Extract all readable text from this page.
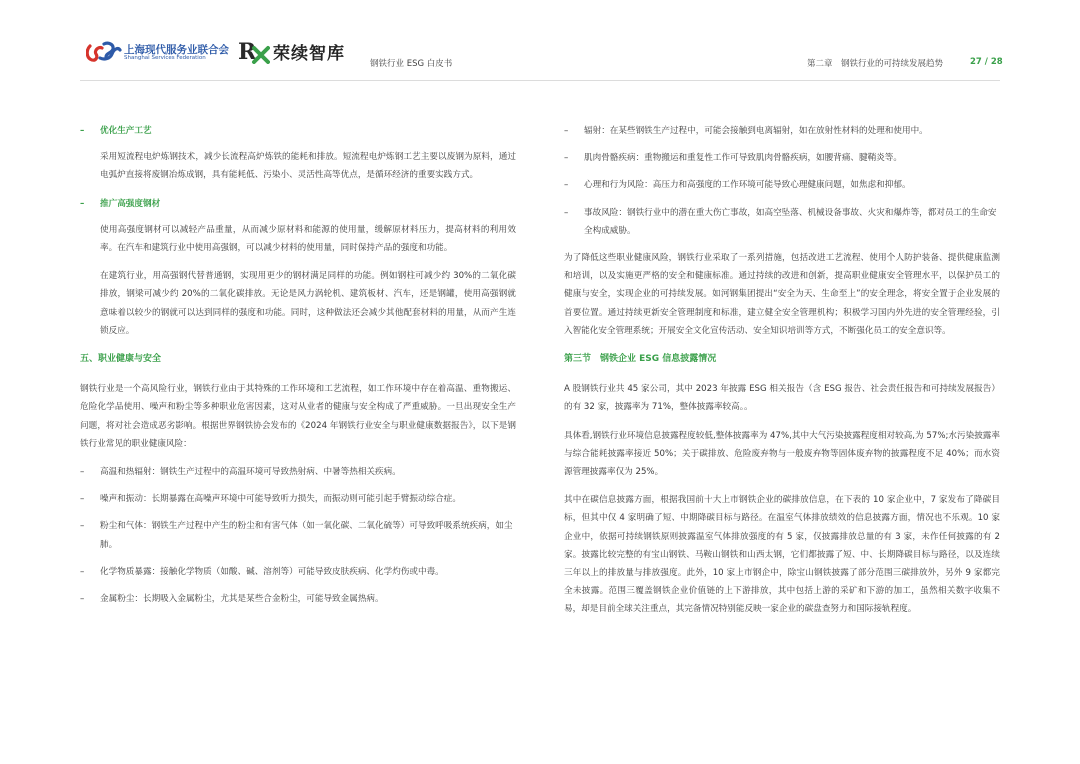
上海现代服务业联合会
Shanghai Services Federation R 荣续智库	钢铁行业 ESG 白皮书	第二章　钢铁行业的可持续发展趋势	27 / 28
– 优化生产工艺

采用短流程电炉炼钢技术，减少长流程高炉炼铁的能耗和排放。短流程电炉炼钢工艺主要以废钢为原料，通过电弧炉直接将废钢冶炼成钢，具有能耗低、污染小、灵活性高等优点，是循环经济的重要实践方式。

– 推广高强度钢材

使用高强度钢材可以减轻产品重量，从而减少原材料和能源的使用量，缓解原材料压力，提高材料的利用效率。在汽车和建筑行业中使用高强钢，可以减少材料的使用量，同时保持产品的强度和功能。

在建筑行业，用高强钢代替普通钢，实现用更少的钢材满足同样的功能。例如钢柱可减少约 30%的二氧化碳排放，钢梁可减少约 20%的二氧化碳排放。无论是风力涡轮机、建筑板材、汽车，还是钢罐，使用高强钢就意味着以较少的钢就可以达到同样的强度和功能。同时，这种做法还会减少其他配套材料的用量，从而产生连锁反应。

五、职业健康与安全

钢铁行业是一个高风险行业，钢铁行业由于其特殊的工作环境和工艺流程，如工作环境中存在着高温、重物搬运、危险化学品使用、噪声和粉尘等多种职业危害因素，这对从业者的健康与安全构成了严重威胁。一旦出现安全生产问题，将对社会造成恶劣影响。根据世界钢铁协会发布的《2024 年钢铁行业安全与职业健康数据报告》，以下是钢铁行业常见的职业健康风险：

– 高温和热辐射：钢铁生产过程中的高温环境可导致热射病、中暑等热相关疾病。
– 噪声和振动：长期暴露在高噪声环境中可能导致听力损失，而振动则可能引起手臂振动综合症。
– 粉尘和气体：钢铁生产过程中产生的粉尘和有害气体（如一氧化碳、二氧化硫等）可导致呼吸系统疾病，如尘肺。
– 化学物质暴露：接触化学物质（如酸、碱、溶剂等）可能导致皮肤疾病、化学灼伤或中毒。
– 金属粉尘：长期吸入金属粉尘，尤其是某些合金粉尘，可能导致金属热病。
– 辐射：在某些钢铁生产过程中，可能会接触到电离辐射，如在放射性材料的处理和使用中。
– 肌肉骨骼疾病：重物搬运和重复性工作可导致肌肉骨骼疾病，如腰背痛、腱鞘炎等。
– 心理和行为风险：高压力和高强度的工作环境可能导致心理健康问题，如焦虑和抑郁。
– 事故风险：钢铁行业中的潜在重大伤亡事故，如高空坠落、机械设备事故、火灾和爆炸等，都对员工的生命安全构成威胁。

为了降低这些职业健康风险，钢铁行业采取了一系列措施，包括改进工艺流程、使用个人防护装备、提供健康监测和培训，以及实施更严格的安全和健康标准。通过持续的改进和创新，提高职业健康安全管理水平，以保护员工的健康与安全，实现企业的可持续发展。如河钢集团提出“安全为天、生命至上”的安全理念，将安全置于企业发展的首要位置。通过持续更新安全管理制度和标准，建立健全安全管理机构；积极学习国内外先进的安全管理经验，引入智能化安全管理系统；开展安全文化宣传活动、安全知识培训等方式，不断强化员工的安全意识等。

第三节　钢铁企业 ESG 信息披露情况

A 股钢铁行业共 45 家公司，其中 2023 年披露 ESG 相关报告（含 ESG 报告、社会责任报告和可持续发展报告）的有 32 家，披露率为 71%，整体披露率较高。。

具体看,钢铁行业环境信息披露程度较低,整体披露率为 47%,其中大气污染披露程度相对较高,为 57%;水污染披露率与综合能耗披露率接近 50%；关于碳排放、危险废弃物与一般废弃物等固体废弃物的披露程度不足 40%；而水资源管理披露率仅为 25%。

其中在碳信息披露方面，根据我国前十大上市钢铁企业的碳排放信息，在下表的 10 家企业中，7 家发布了降碳目标，但其中仅 4 家明确了短、中期降碳目标与路径。在温室气体排放绩效的信息披露方面，情况也不乐观。10 家企业中，依据可持续钢铁原则披露温室气体排放强度的有 5 家，仅披露排放总量的有 3 家，未作任何披露的有 2 家。披露比较完整的有宝山钢铁、马鞍山钢铁和山西太钢，它们都披露了短、中、长期降碳目标与路径，以及连续三年以上的排放量与排放强度。此外，10 家上市钢企中，除宝山钢铁披露了部分范围三碳排放外，另外 9 家都完全未披露。范围三覆盖钢铁企业价值链的上下游排放，其中包括上游的采矿和下游的加工，虽然相关数字收集不易，却是目前全球关注重点，其完备情况特别能反映一家企业的碳盘查努力和国际接轨程度。
